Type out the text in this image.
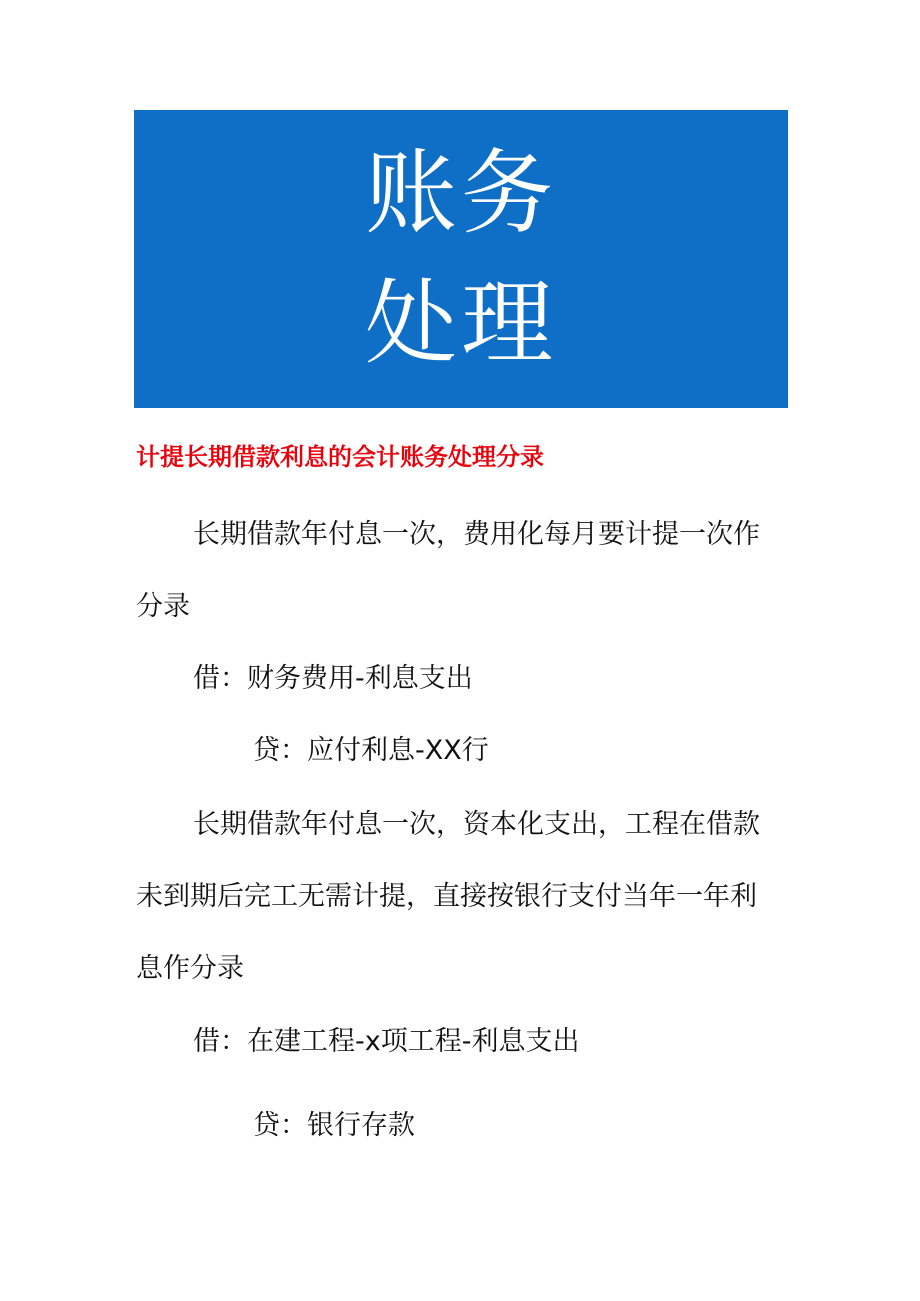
账务
处理
计提长期借款利息的会计账务处理分录
长期借款年付息一次，费用化每月要计提一次作
分录
借：财务费用-利息支出
贷：应付利息-XX行
长期借款年付息一次，资本化支出，工程在借款
未到期后完工无需计提，直接按银行支付当年一年利
息作分录
借：在建工程-x项工程-利息支出
贷：银行存款
